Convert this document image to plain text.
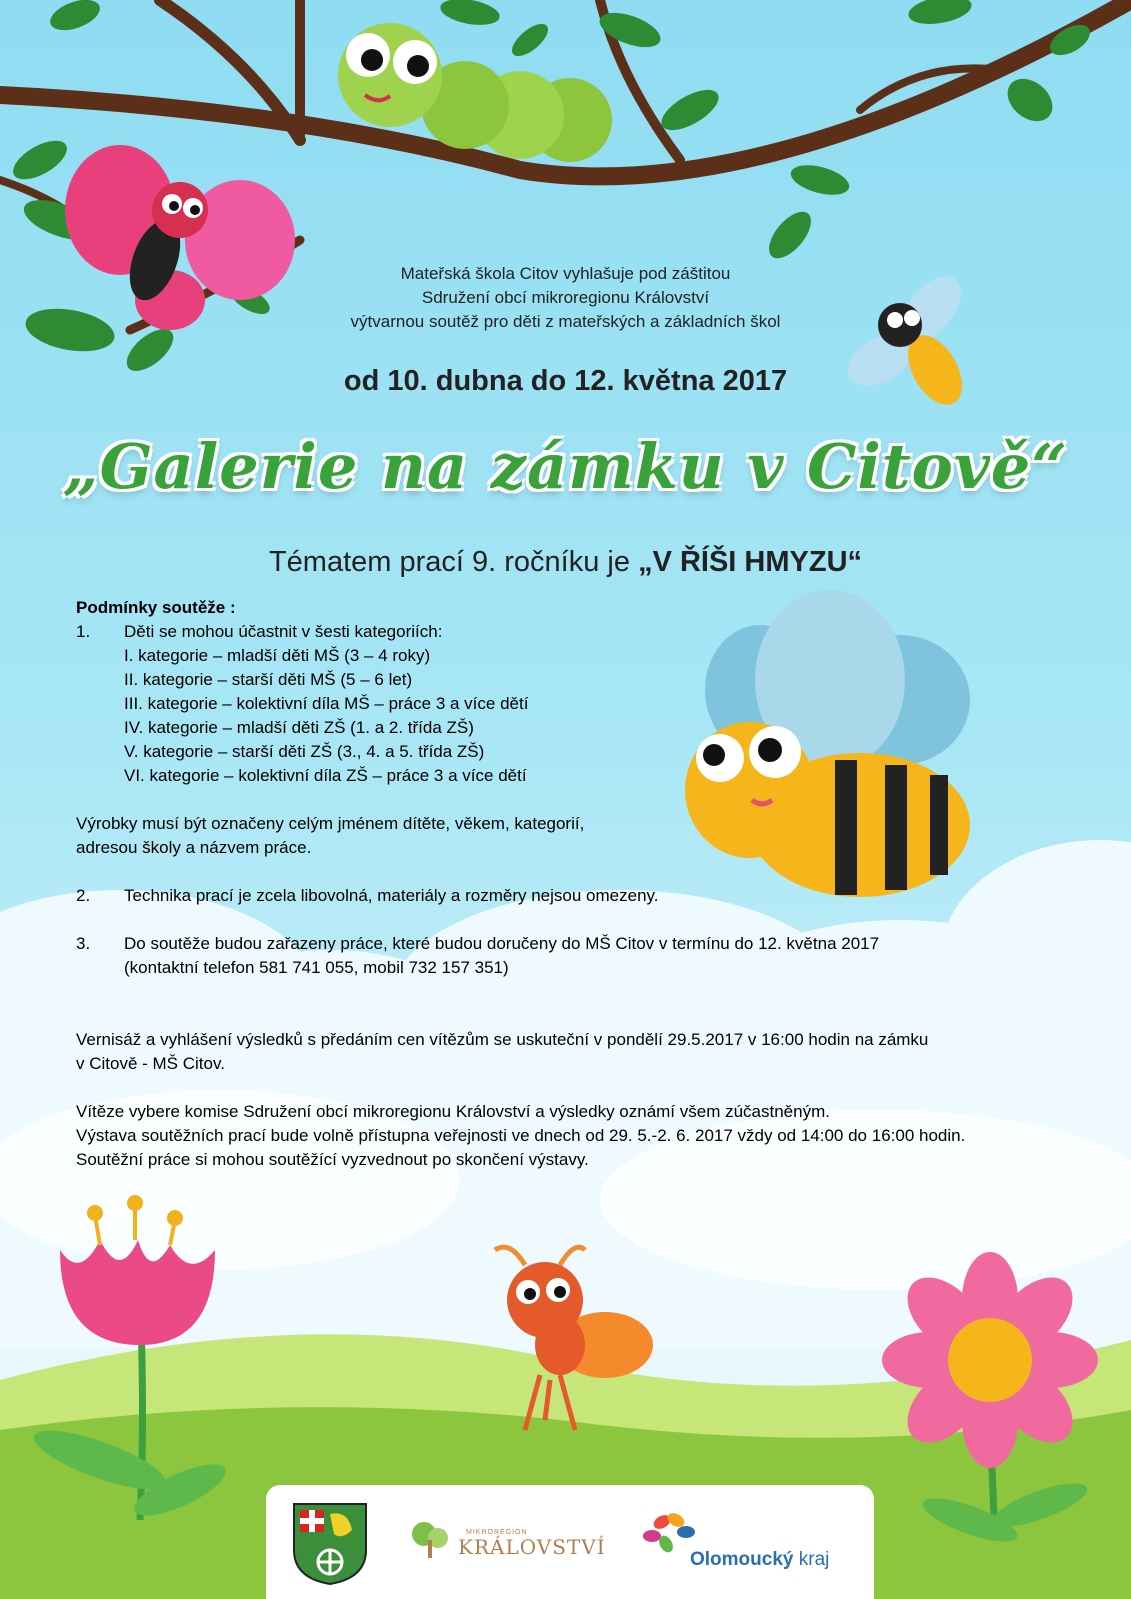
Mateřská škola Citov vyhlašuje pod záštitou
Sdružení obcí mikroregionu Království
výtvarnou soutěž pro děti z mateřských a základních škol
od 10. dubna do 12. května 2017
„Galerie na zámku v Citově“
Tématem prací 9. ročníku je „V ŘÍŠI HMYZU“
Podmínky soutěže :
1. Děti se mohou účastnit v šesti kategoriích:
I. kategorie – mladší děti MŠ (3 – 4 roky)
II. kategorie – starší děti MŠ (5 – 6 let)
III. kategorie – kolektivní díla MŠ – práce 3 a více dětí
IV. kategorie – mladší děti ZŠ (1. a 2. třída ZŠ)
V. kategorie – starší děti ZŠ (3., 4. a 5. třída ZŠ)
VI. kategorie – kolektivní díla ZŠ – práce 3 a více dětí
Výrobky musí být označeny celým jménem dítěte, věkem, kategorií,
adresou školy a názvem práce.
2. Technika prací je zcela libovolná, materiály a rozměry nejsou omezeny.
3. Do soutěže budou zařazeny práce, které budou doručeny do MŠ Citov v termínu do 12. května 2017
(kontaktní telefon 581 741 055, mobil 732 157 351)
Vernisáž a vyhlášení výsledků s předáním cen vítězům se uskuteční v pondělí 29.5.2017 v 16:00 hodin na zámku
v Citově - MŠ Citov.
Vítěze vybere komise Sdružení obcí mikroregionu Království a výsledky oznámí všem zúčastněným.
Výstava soutěžních prací bude volně přístupna veřejnosti ve dnech od 29. 5.-2. 6. 2017 vždy od 14:00 do 16:00 hodin.
Soutěžní práce si mohou soutěžící vyzvednout po skončení výstavy.
MIKROREGION
KRÁLOVSTVÍ
Olomoucký kraj
